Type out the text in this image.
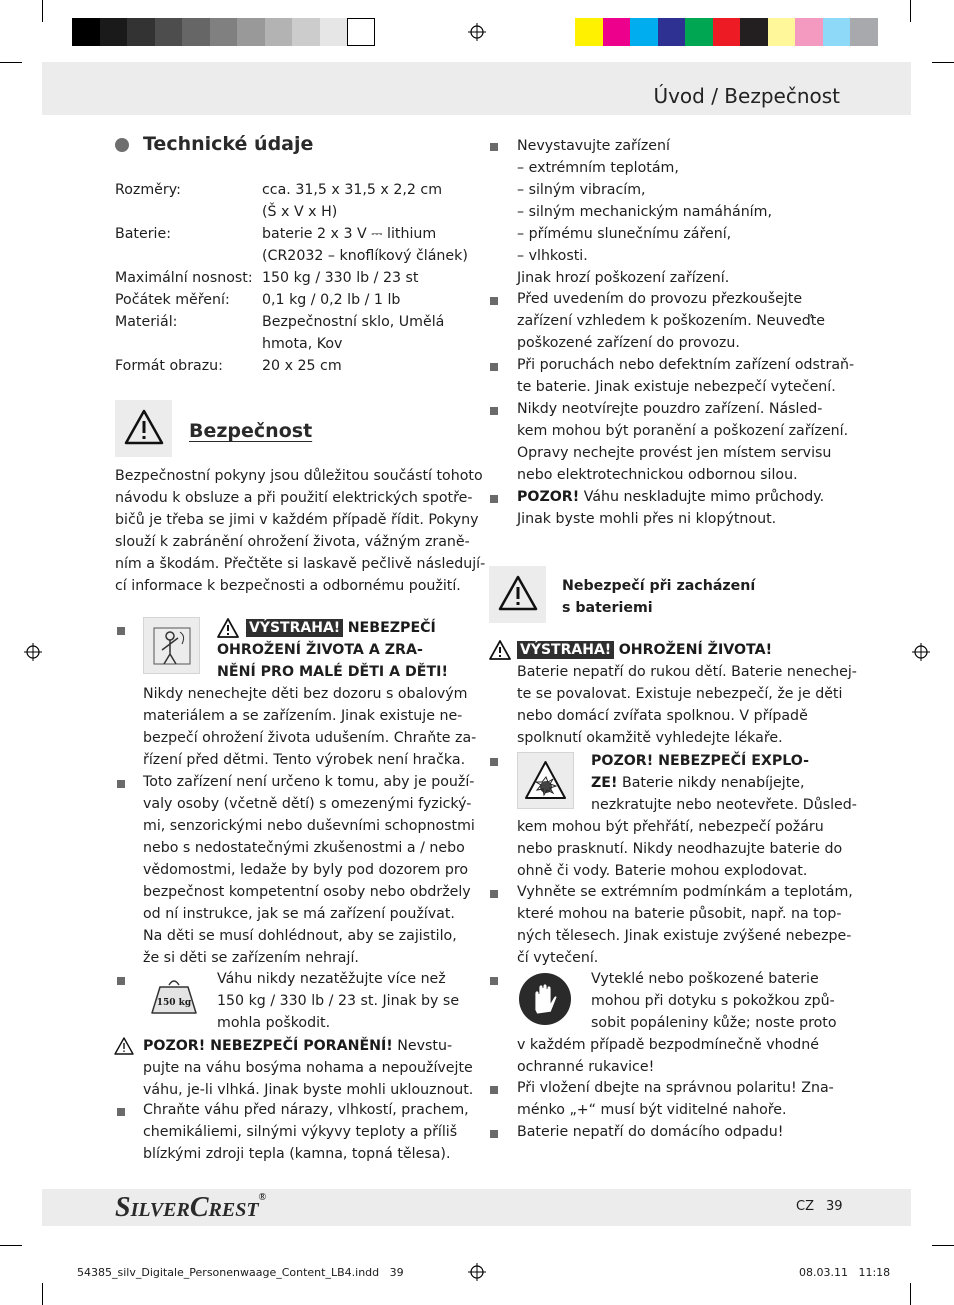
Úvod / Bezpečnost
Technické údaje
Rozměry:	cca. 31,5 x 31,5 x 2,2 cm
(Š x V x H)
Baterie:	baterie 2 x 3 V ⎓ lithium
(CR2032 – knoflíkový článek)
Maximální nosnost: 150 kg / 330 lb / 23 st
Počátek měření: 0,1 kg / 0,2 lb / 1 lb
Materiál:	Bezpečnostní sklo, Umělá
hmota, Kov
Formát obrazu:	20 x 25 cm
Bezpečnost
Bezpečnostní pokyny jsou důležitou součástí tohoto
návodu k obsluze a při použití elektrických spotře-
bičů je třeba se jimi v každém případě řídit. Pokyny
slouží k zabránění ohrožení života, vážným zraně-
ním a škodám. Přečtěte si laskavě pečlivě následují-
cí informace k bezpečnosti a odbornému použití.
VÝSTRAHA! NEBEZPEČÍ
OHROŽENÍ ŽIVOTA A ZRA-
NĚNÍ PRO MALÉ DĚTI A DĚTI!
Nikdy nenechejte děti bez dozoru s obalovým
materiálem a se zařízením. Jinak existuje ne-
bezpečí ohrožení života udušením. Chraňte za-
řízení před dětmi. Tento výrobek není hračka.
Toto zařízení není určeno k tomu, aby je použí-
valy osoby (včetně dětí) s omezenými fyzický-
mi, senzorickými nebo duševními schopnostmi
nebo s nedostatečnými zkušenostmi a / nebo
vědomostmi, ledaže by byly pod dozorem pro
bezpečnost kompetentní osoby nebo obdržely
od ní instrukce, jak se má zařízení používat.
Na děti se musí dohlédnout, aby se zajistilo,
že si děti se zařízením nehrají.
150 kg
Váhu nikdy nezatěžujte více než
150 kg / 330 lb / 23 st. Jinak by se
mohla poškodit.
POZOR! NEBEZPEČÍ PORANĚNÍ! Nevstu-
pujte na váhu bosýma nohama a nepoužívejte
váhu, je-li vlhká. Jinak byste mohli uklouznout.
Chraňte váhu před nárazy, vlhkostí, prachem,
chemikáliemi, silnými výkyvy teploty a příliš
blízkými zdroji tepla (kamna, topná tělesa).
Nevystavujte zařízení
– extrémním teplotám,
– silným vibracím,
– silným mechanickým namáháním,
– přímému slunečnímu záření,
– vlhkosti.
Jinak hrozí poškození zařízení.
Před uvedením do provozu přezkoušejte
zařízení vzhledem k poškozením. Neuveďte
poškozené zařízení do provozu.
Při poruchách nebo defektním zařízení odstraň-
te baterie. Jinak existuje nebezpečí vytečení.
Nikdy neotvírejte pouzdro zařízení. Násled-
kem mohou být poranění a poškození zařízení.
Opravy nechejte provést jen místem servisu
nebo elektrotechnickou odbornou silou.
POZOR! Váhu neskladujte mimo průchody.
Jinak byste mohli přes ni klopýtnout.
Nebezpečí při zacházení
s bateriemi
VÝSTRAHA! OHROŽENÍ ŽIVOTA!
Baterie nepatří do rukou dětí. Baterie nenechej-
te se povalovat. Existuje nebezpečí, že je děti
nebo domácí zvířata spolknou. V případě
spolknutí okamžitě vyhledejte lékaře.
POZOR! NEBEZPEČÍ EXPLO-
ZE! Baterie nikdy nenabíjejte,
nezkratujte nebo neotevřete. Důsled-
kem mohou být přehřátí, nebezpečí požáru
nebo prasknutí. Nikdy neodhazujte baterie do
ohně či vody. Baterie mohou explodovat.
Vyhněte se extrémním podmínkám a teplotám,
které mohou na baterie působit, např. na top-
ných tělesech. Jinak existuje zvýšené nebezpe-
čí vytečení.
Vyteklé nebo poškozené baterie
mohou při dotyku s pokožkou způ-
sobit popáleniny kůže; noste proto
v každém případě bezpodmínečně vhodné
ochranné rukavice!
Při vložení dbejte na správnou polaritu! Zna-
ménko „+“ musí být viditelné nahoře.
Baterie nepatří do domácího odpadu!
SILVERCREST®
CZ 39
54385_silv_Digitale_Personenwaage_Content_LB4.indd   39	08.03.11   11:18
